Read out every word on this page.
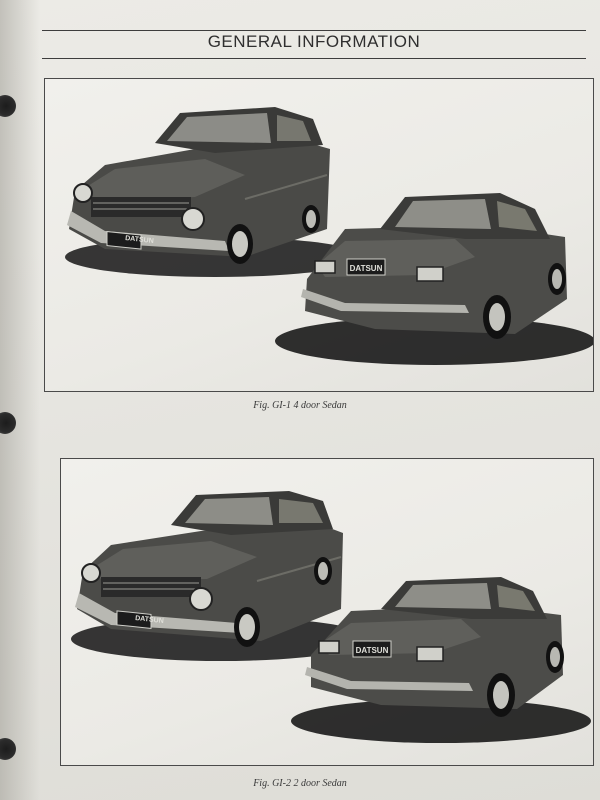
GENERAL INFORMATION
DATSUN
DATSUN
Fig. GI-1 4 door Sedan
DATSUN
DATSUN
Fig. GI-2 2 door Sedan
